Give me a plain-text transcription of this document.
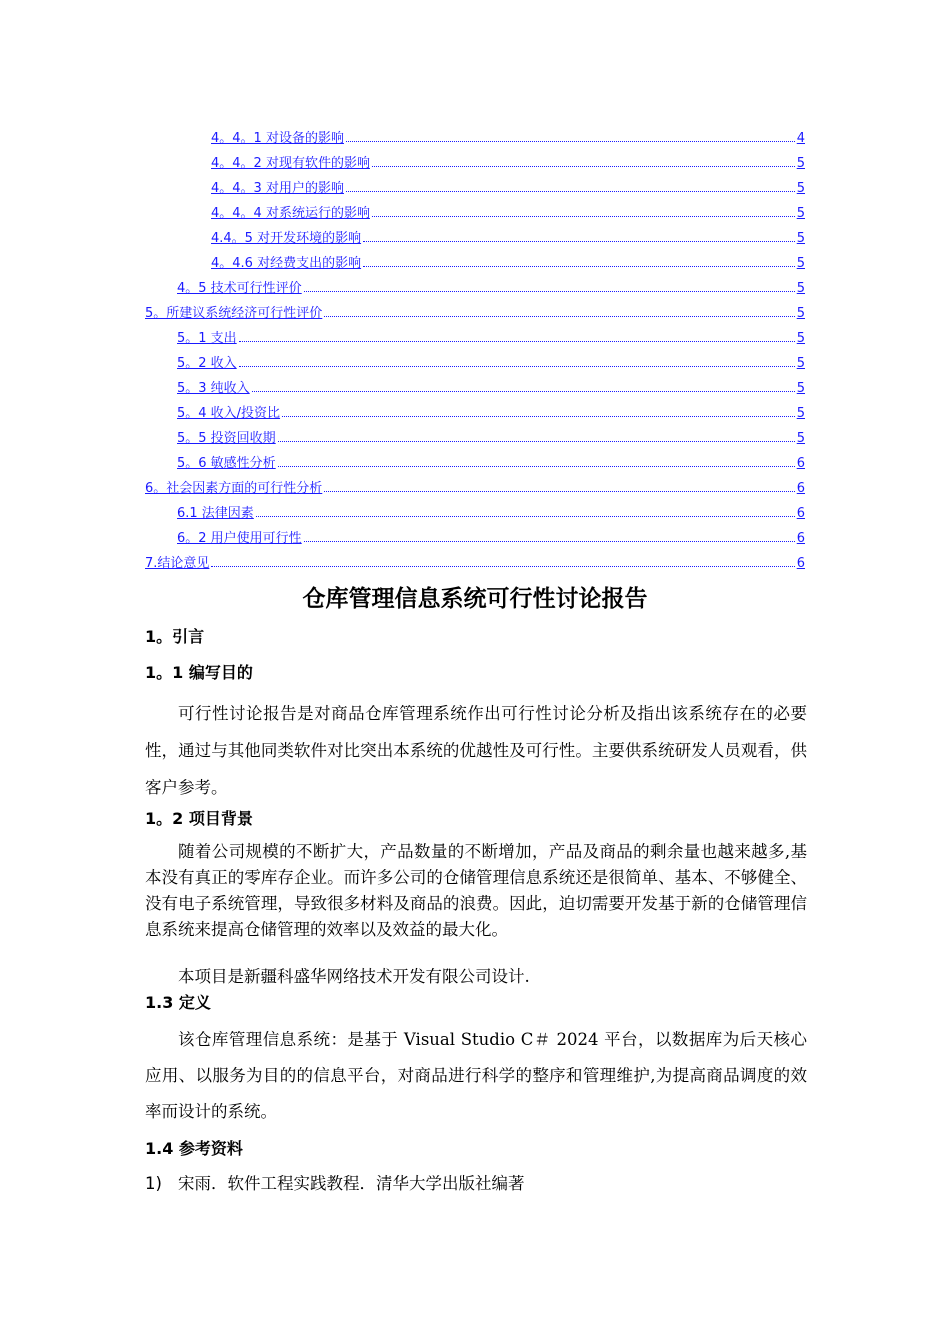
4。4。1 对设备的影响	4
4。4。2 对现有软件的影响	5
4。4。3 对用户的影响	5
4。4。4 对系统运行的影响	5
4.4。5 对开发环境的影响	5
4。4.6 对经费支出的影响	5
4。5 技术可行性评价	5
5。所建议系统经济可行性评价	5
5。1 支出	5
5。2 收入	5
5。3 纯收入	5
5。4 收入/投资比	5
5。5 投资回收期	5
5。6 敏感性分析	6
6。社会因素方面的可行性分析	6
6.1 法律因素	6
6。2 用户使用可行性	6
7.结论意见	6
仓库管理信息系统可行性讨论报告
1。引言
1。1 编写目的

可行性讨论报告是对商品仓库管理系统作出可行性讨论分析及指出该系统存在的必要性，通过与其他同类软件对比突出本系统的优越性及可行性。主要供系统研发人员观看，供客户参考。

1。2 项目背景

随着公司规模的不断扩大，产品数量的不断增加，产品及商品的剩余量也越来越多,基本没有真正的零库存企业。而许多公司的仓储管理信息系统还是很简单、基本、不够健全、没有电子系统管理，导致很多材料及商品的浪费。因此，迫切需要开发基于新的仓储管理信息系统来提高仓储管理的效率以及效益的最大化。

本项目是新疆科盛华网络技术开发有限公司设计.

1.3 定义

该仓库管理信息系统：是基于 Visual Studio C＃ 2024 平台，以数据库为后天核心应用、以服务为目的的信息平台，对商品进行科学的整序和管理维护,为提高商品调度的效率而设计的系统。

1.4 参考资料
1) 宋雨．软件工程实践教程．清华大学出版社编著
